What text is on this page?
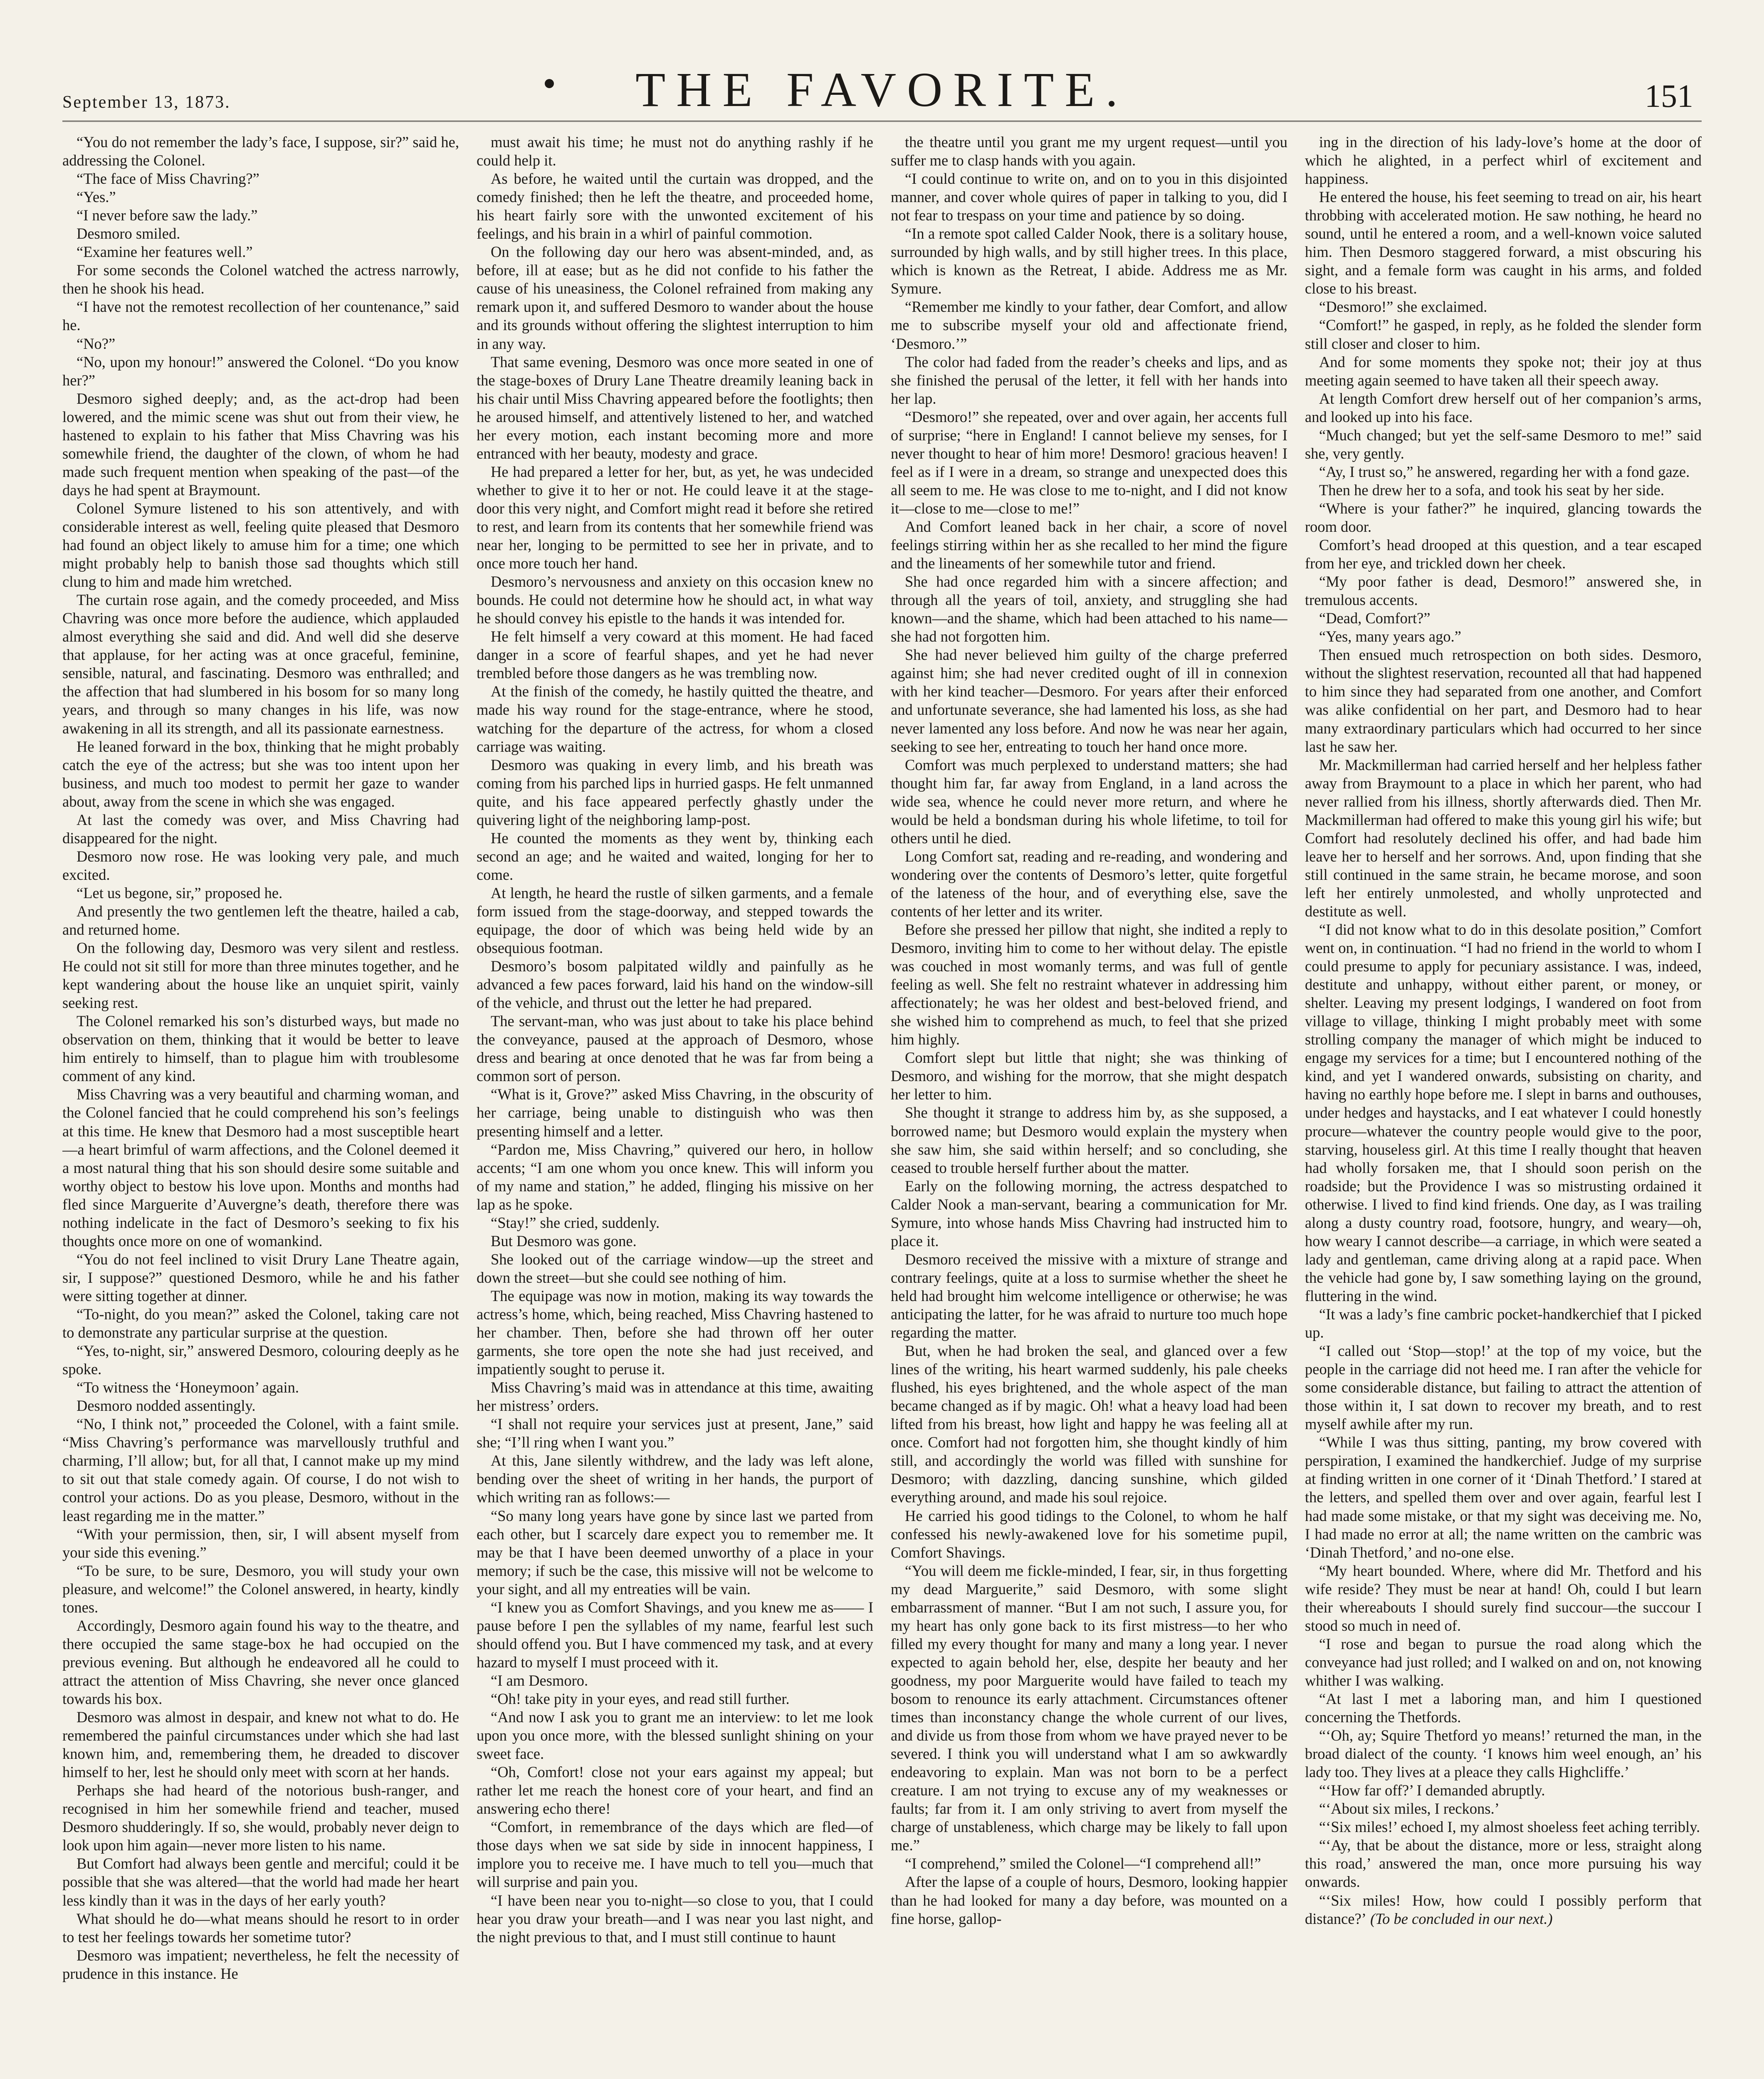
September 13, 1873.	THE FAVORITE.	151

“You do not remember the lady’s face, I suppose, sir?” said he, addressing the Colonel.

“The face of Miss Chavring?”

“Yes.”

“I never before saw the lady.”

Desmoro smiled.

“Examine her features well.”

For some seconds the Colonel watched the actress narrowly, then he shook his head.

“I have not the remotest recollection of her countenance,” said he.

“No?”

“No, upon my honour!” answered the Colonel. “Do you know her?”

Desmoro sighed deeply; and, as the act-drop had been lowered, and the mimic scene was shut out from their view, he hastened to explain to his father that Miss Chavring was his somewhile friend, the daughter of the clown, of whom he had made such frequent mention when speaking of the past—of the days he had spent at Braymount.

Colonel Symure listened to his son attentively, and with considerable interest as well, feeling quite pleased that Desmoro had found an object likely to amuse him for a time; one which might probably help to banish those sad thoughts which still clung to him and made him wretched.

The curtain rose again, and the comedy proceeded, and Miss Chavring was once more before the audience, which applauded almost everything she said and did. And well did she deserve that applause, for her acting was at once graceful, feminine, sensible, natural, and fascinating. Desmoro was enthralled; and the affection that had slumbered in his bosom for so many long years, and through so many changes in his life, was now awakening in all its strength, and all its passionate earnestness.

He leaned forward in the box, thinking that he might probably catch the eye of the actress; but she was too intent upon her business, and much too modest to permit her gaze to wander about, away from the scene in which she was engaged.

At last the comedy was over, and Miss Chavring had disappeared for the night.

Desmoro now rose. He was looking very pale, and much excited.

“Let us begone, sir,” proposed he.

And presently the two gentlemen left the theatre, hailed a cab, and returned home.

On the following day, Desmoro was very silent and restless. He could not sit still for more than three minutes together, and he kept wandering about the house like an unquiet spirit, vainly seeking rest.

The Colonel remarked his son’s disturbed ways, but made no observation on them, thinking that it would be better to leave him entirely to himself, than to plague him with troublesome comment of any kind.

Miss Chavring was a very beautiful and charming woman, and the Colonel fancied that he could comprehend his son’s feelings at this time. He knew that Desmoro had a most susceptible heart—a heart brimful of warm affections, and the Colonel deemed it a most natural thing that his son should desire some suitable and worthy object to bestow his love upon. Months and months had fled since Marguerite d’Auvergne’s death, therefore there was nothing indelicate in the fact of Desmoro’s seeking to fix his thoughts once more on one of womankind.

“You do not feel inclined to visit Drury Lane Theatre again, sir, I suppose?” questioned Desmoro, while he and his father were sitting together at dinner.

“To-night, do you mean?” asked the Colonel, taking care not to demonstrate any particular surprise at the question.

“Yes, to-night, sir,” answered Desmoro, colouring deeply as he spoke.

“To witness the ‘Honeymoon’ again.

Desmoro nodded assentingly.

“No, I think not,” proceeded the Colonel, with a faint smile. “Miss Chavring’s performance was marvellously truthful and charming, I’ll allow; but, for all that, I cannot make up my mind to sit out that stale comedy again. Of course, I do not wish to control your actions. Do as you please, Desmoro, without in the least regarding me in the matter.”

“With your permission, then, sir, I will absent myself from your side this evening.”

“To be sure, to be sure, Desmoro, you will study your own pleasure, and welcome!” the Colonel answered, in hearty, kindly tones.

Accordingly, Desmoro again found his way to the theatre, and there occupied the same stage-box he had occupied on the previous evening. But although he endeavored all he could to attract the attention of Miss Chavring, she never once glanced towards his box.

Desmoro was almost in despair, and knew not what to do. He remembered the painful circumstances under which she had last known him, and, remembering them, he dreaded to discover himself to her, lest he should only meet with scorn at her hands.

Perhaps she had heard of the notorious bush-ranger, and recognised in him her somewhile friend and teacher, mused Desmoro shudderingly. If so, she would, probably never deign to look upon him again—never more listen to his name.

But Comfort had always been gentle and merciful; could it be possible that she was altered—that the world had made her heart less kindly than it was in the days of her early youth?

What should he do—what means should he resort to in order to test her feelings towards her sometime tutor?

Desmoro was impatient; nevertheless, he felt the necessity of prudence in this instance. He

must await his time; he must not do anything rashly if he could help it.

As before, he waited until the curtain was dropped, and the comedy finished; then he left the theatre, and proceeded home, his heart fairly sore with the unwonted excitement of his feelings, and his brain in a whirl of painful commotion.

On the following day our hero was absent-minded, and, as before, ill at ease; but as he did not confide to his father the cause of his uneasiness, the Colonel refrained from making any remark upon it, and suffered Desmoro to wander about the house and its grounds without offering the slightest interruption to him in any way.

That same evening, Desmoro was once more seated in one of the stage-boxes of Drury Lane Theatre dreamily leaning back in his chair until Miss Chavring appeared before the footlights; then he aroused himself, and attentively listened to her, and watched her every motion, each instant becoming more and more entranced with her beauty, modesty and grace.

He had prepared a letter for her, but, as yet, he was undecided whether to give it to her or not. He could leave it at the stage-door this very night, and Comfort might read it before she retired to rest, and learn from its contents that her somewhile friend was near her, longing to be permitted to see her in private, and to once more touch her hand.

Desmoro’s nervousness and anxiety on this occasion knew no bounds. He could not determine how he should act, in what way he should convey his epistle to the hands it was intended for.

He felt himself a very coward at this moment. He had faced danger in a score of fearful shapes, and yet he had never trembled before those dangers as he was trembling now.

At the finish of the comedy, he hastily quitted the theatre, and made his way round for the stage-entrance, where he stood, watching for the departure of the actress, for whom a closed carriage was waiting.

Desmoro was quaking in every limb, and his breath was coming from his parched lips in hurried gasps. He felt unmanned quite, and his face appeared perfectly ghastly under the quivering light of the neighboring lamp-post.

He counted the moments as they went by, thinking each second an age; and he waited and waited, longing for her to come.

At length, he heard the rustle of silken garments, and a female form issued from the stage-doorway, and stepped towards the equipage, the door of which was being held wide by an obsequious footman.

Desmoro’s bosom palpitated wildly and painfully as he advanced a few paces forward, laid his hand on the window-sill of the vehicle, and thrust out the letter he had prepared.

The servant-man, who was just about to take his place behind the conveyance, paused at the approach of Desmoro, whose dress and bearing at once denoted that he was far from being a common sort of person.

“What is it, Grove?” asked Miss Chavring, in the obscurity of her carriage, being unable to distinguish who was then presenting himself and a letter.

“Pardon me, Miss Chavring,” quivered our hero, in hollow accents; “I am one whom you once knew. This will inform you of my name and station,” he added, flinging his missive on her lap as he spoke.

“Stay!” she cried, suddenly.

But Desmoro was gone.

She looked out of the carriage window—up the street and down the street—but she could see nothing of him.

The equipage was now in motion, making its way towards the actress’s home, which, being reached, Miss Chavring hastened to her chamber. Then, before she had thrown off her outer garments, she tore open the note she had just received, and impatiently sought to peruse it.

Miss Chavring’s maid was in attendance at this time, awaiting her mistress’ orders.

“I shall not require your services just at present, Jane,” said she; “I’ll ring when I want you.”

At this, Jane silently withdrew, and the lady was left alone, bending over the sheet of writing in her hands, the purport of which writing ran as follows:—

“So many long years have gone by since last we parted from each other, but I scarcely dare expect you to remember me. It may be that I have been deemed unworthy of a place in your memory; if such be the case, this missive will not be welcome to your sight, and all my entreaties will be vain.

“I knew you as Comfort Shavings, and you knew me as—— I pause before I pen the syllables of my name, fearful lest such should offend you. But I have commenced my task, and at every hazard to myself I must proceed with it.

“I am Desmoro.

“Oh! take pity in your eyes, and read still further.

“And now I ask you to grant me an interview: to let me look upon you once more, with the blessed sunlight shining on your sweet face.

“Oh, Comfort! close not your ears against my appeal; but rather let me reach the honest core of your heart, and find an answering echo there!

“Comfort, in remembrance of the days which are fled—of those days when we sat side by side in innocent happiness, I implore you to receive me. I have much to tell you—much that will surprise and pain you.

“I have been near you to-night—so close to you, that I could hear you draw your breath—and I was near you last night, and the night previous to that, and I must still continue to haunt

the theatre until you grant me my urgent request—until you suffer me to clasp hands with you again.

“I could continue to write on, and on to you in this disjointed manner, and cover whole quires of paper in talking to you, did I not fear to trespass on your time and patience by so doing.

“In a remote spot called Calder Nook, there is a solitary house, surrounded by high walls, and by still higher trees. In this place, which is known as the Retreat, I abide. Address me as Mr. Symure.

“Remember me kindly to your father, dear Comfort, and allow me to subscribe myself your old and affectionate friend, ‘Desmoro.’”

The color had faded from the reader’s cheeks and lips, and as she finished the perusal of the letter, it fell with her hands into her lap.

“Desmoro!” she repeated, over and over again, her accents full of surprise; “here in England! I cannot believe my senses, for I never thought to hear of him more! Desmoro! gracious heaven! I feel as if I were in a dream, so strange and unexpected does this all seem to me. He was close to me to-night, and I did not know it—close to me—close to me!”

And Comfort leaned back in her chair, a score of novel feelings stirring within her as she recalled to her mind the figure and the lineaments of her somewhile tutor and friend.

She had once regarded him with a sincere affection; and through all the years of toil, anxiety, and struggling she had known—and the shame, which had been attached to his name—she had not forgotten him.

She had never believed him guilty of the charge preferred against him; she had never credited ought of ill in connexion with her kind teacher—Desmoro. For years after their enforced and unfortunate severance, she had lamented his loss, as she had never lamented any loss before. And now he was near her again, seeking to see her, entreating to touch her hand once more.

Comfort was much perplexed to understand matters; she had thought him far, far away from England, in a land across the wide sea, whence he could never more return, and where he would be held a bondsman during his whole lifetime, to toil for others until he died.

Long Comfort sat, reading and re-reading, and wondering and wondering over the contents of Desmoro’s letter, quite forgetful of the lateness of the hour, and of everything else, save the contents of her letter and its writer.

Before she pressed her pillow that night, she indited a reply to Desmoro, inviting him to come to her without delay. The epistle was couched in most womanly terms, and was full of gentle feeling as well. She felt no restraint whatever in addressing him affectionately; he was her oldest and best-beloved friend, and she wished him to comprehend as much, to feel that she prized him highly.

Comfort slept but little that night; she was thinking of Desmoro, and wishing for the morrow, that she might despatch her letter to him.

She thought it strange to address him by, as she supposed, a borrowed name; but Desmoro would explain the mystery when she saw him, she said within herself; and so concluding, she ceased to trouble herself further about the matter.

Early on the following morning, the actress despatched to Calder Nook a man-servant, bearing a communication for Mr. Symure, into whose hands Miss Chavring had instructed him to place it.

Desmoro received the missive with a mixture of strange and contrary feelings, quite at a loss to surmise whether the sheet he held had brought him welcome intelligence or otherwise; he was anticipating the latter, for he was afraid to nurture too much hope regarding the matter.

But, when he had broken the seal, and glanced over a few lines of the writing, his heart warmed suddenly, his pale cheeks flushed, his eyes brightened, and the whole aspect of the man became changed as if by magic. Oh! what a heavy load had been lifted from his breast, how light and happy he was feeling all at once. Comfort had not forgotten him, she thought kindly of him still, and accordingly the world was filled with sunshine for Desmoro; with dazzling, dancing sunshine, which gilded everything around, and made his soul rejoice.

He carried his good tidings to the Colonel, to whom he half confessed his newly-awakened love for his sometime pupil, Comfort Shavings.

“You will deem me fickle-minded, I fear, sir, in thus forgetting my dead Marguerite,” said Desmoro, with some slight embarrassment of manner. “But I am not such, I assure you, for my heart has only gone back to its first mistress—to her who filled my every thought for many and many a long year. I never expected to again behold her, else, despite her beauty and her goodness, my poor Marguerite would have failed to teach my bosom to renounce its early attachment. Circumstances oftener times than inconstancy change the whole current of our lives, and divide us from those from whom we have prayed never to be severed. I think you will understand what I am so awkwardly endeavoring to explain. Man was not born to be a perfect creature. I am not trying to excuse any of my weaknesses or faults; far from it. I am only striving to avert from myself the charge of unstableness, which charge may be likely to fall upon me.”

“I comprehend,” smiled the Colonel—“I comprehend all!”

After the lapse of a couple of hours, Desmoro, looking happier than he had looked for many a day before, was mounted on a fine horse, gallop-

ing in the direction of his lady-love’s home at the door of which he alighted, in a perfect whirl of excitement and happiness.

He entered the house, his feet seeming to tread on air, his heart throbbing with accelerated motion. He saw nothing, he heard no sound, until he entered a room, and a well-known voice saluted him. Then Desmoro staggered forward, a mist obscuring his sight, and a female form was caught in his arms, and folded close to his breast.

“Desmoro!” she exclaimed.

“Comfort!” he gasped, in reply, as he folded the slender form still closer and closer to him.

And for some moments they spoke not; their joy at thus meeting again seemed to have taken all their speech away.

At length Comfort drew herself out of her companion’s arms, and looked up into his face.

“Much changed; but yet the self-same Desmoro to me!” said she, very gently.

“Ay, I trust so,” he answered, regarding her with a fond gaze.

Then he drew her to a sofa, and took his seat by her side.

“Where is your father?” he inquired, glancing towards the room door.

Comfort’s head drooped at this question, and a tear escaped from her eye, and trickled down her cheek.

“My poor father is dead, Desmoro!” answered she, in tremulous accents.

“Dead, Comfort?”

“Yes, many years ago.”

Then ensued much retrospection on both sides. Desmoro, without the slightest reservation, recounted all that had happened to him since they had separated from one another, and Comfort was alike confidential on her part, and Desmoro had to hear many extraordinary particulars which had occurred to her since last he saw her.

Mr. Mackmillerman had carried herself and her helpless father away from Braymount to a place in which her parent, who had never rallied from his illness, shortly afterwards died. Then Mr. Mackmillerman had offered to make this young girl his wife; but Comfort had resolutely declined his offer, and had bade him leave her to herself and her sorrows. And, upon finding that she still continued in the same strain, he became morose, and soon left her entirely unmolested, and wholly unprotected and destitute as well.

“I did not know what to do in this desolate position,” Comfort went on, in continuation. “I had no friend in the world to whom I could presume to apply for pecuniary assistance. I was, indeed, destitute and unhappy, without either parent, or money, or shelter. Leaving my present lodgings, I wandered on foot from village to village, thinking I might probably meet with some strolling company the manager of which might be induced to engage my services for a time; but I encountered nothing of the kind, and yet I wandered onwards, subsisting on charity, and having no earthly hope before me. I slept in barns and outhouses, under hedges and haystacks, and I eat whatever I could honestly procure—whatever the country people would give to the poor, starving, houseless girl. At this time I really thought that heaven had wholly forsaken me, that I should soon perish on the roadside; but the Providence I was so mistrusting ordained it otherwise. I lived to find kind friends. One day, as I was trailing along a dusty country road, footsore, hungry, and weary—oh, how weary I cannot describe—a carriage, in which were seated a lady and gentleman, came driving along at a rapid pace. When the vehicle had gone by, I saw something laying on the ground, fluttering in the wind.

“It was a lady’s fine cambric pocket-handkerchief that I picked up.

“I called out ‘Stop—stop!’ at the top of my voice, but the people in the carriage did not heed me. I ran after the vehicle for some considerable distance, but failing to attract the attention of those within it, I sat down to recover my breath, and to rest myself awhile after my run.

“While I was thus sitting, panting, my brow covered with perspiration, I examined the handkerchief. Judge of my surprise at finding written in one corner of it ‘Dinah Thetford.’ I stared at the letters, and spelled them over and over again, fearful lest I had made some mistake, or that my sight was deceiving me. No, I had made no error at all; the name written on the cambric was ‘Dinah Thetford,’ and no-one else.

“My heart bounded. Where, where did Mr. Thetford and his wife reside? They must be near at hand! Oh, could I but learn their whereabouts I should surely find succour—the succour I stood so much in need of.

“I rose and began to pursue the road along which the conveyance had just rolled; and I walked on and on, not knowing whither I was walking.

“At last I met a laboring man, and him I questioned concerning the Thetfords.

“‘Oh, ay; Squire Thetford yo means!’ returned the man, in the broad dialect of the county. ‘I knows him weel enough, an’ his lady too. They lives at a pleace they calls Highcliffe.’

“‘How far off?’ I demanded abruptly.

“‘About six miles, I reckons.’

“‘Six miles!’ echoed I, my almost shoeless feet aching terribly.

“‘Ay, that be about the distance, more or less, straight along this road,’ answered the man, once more pursuing his way onwards.

“‘Six miles! How, how could I possibly perform that distance?’ (To be concluded in our next.)
